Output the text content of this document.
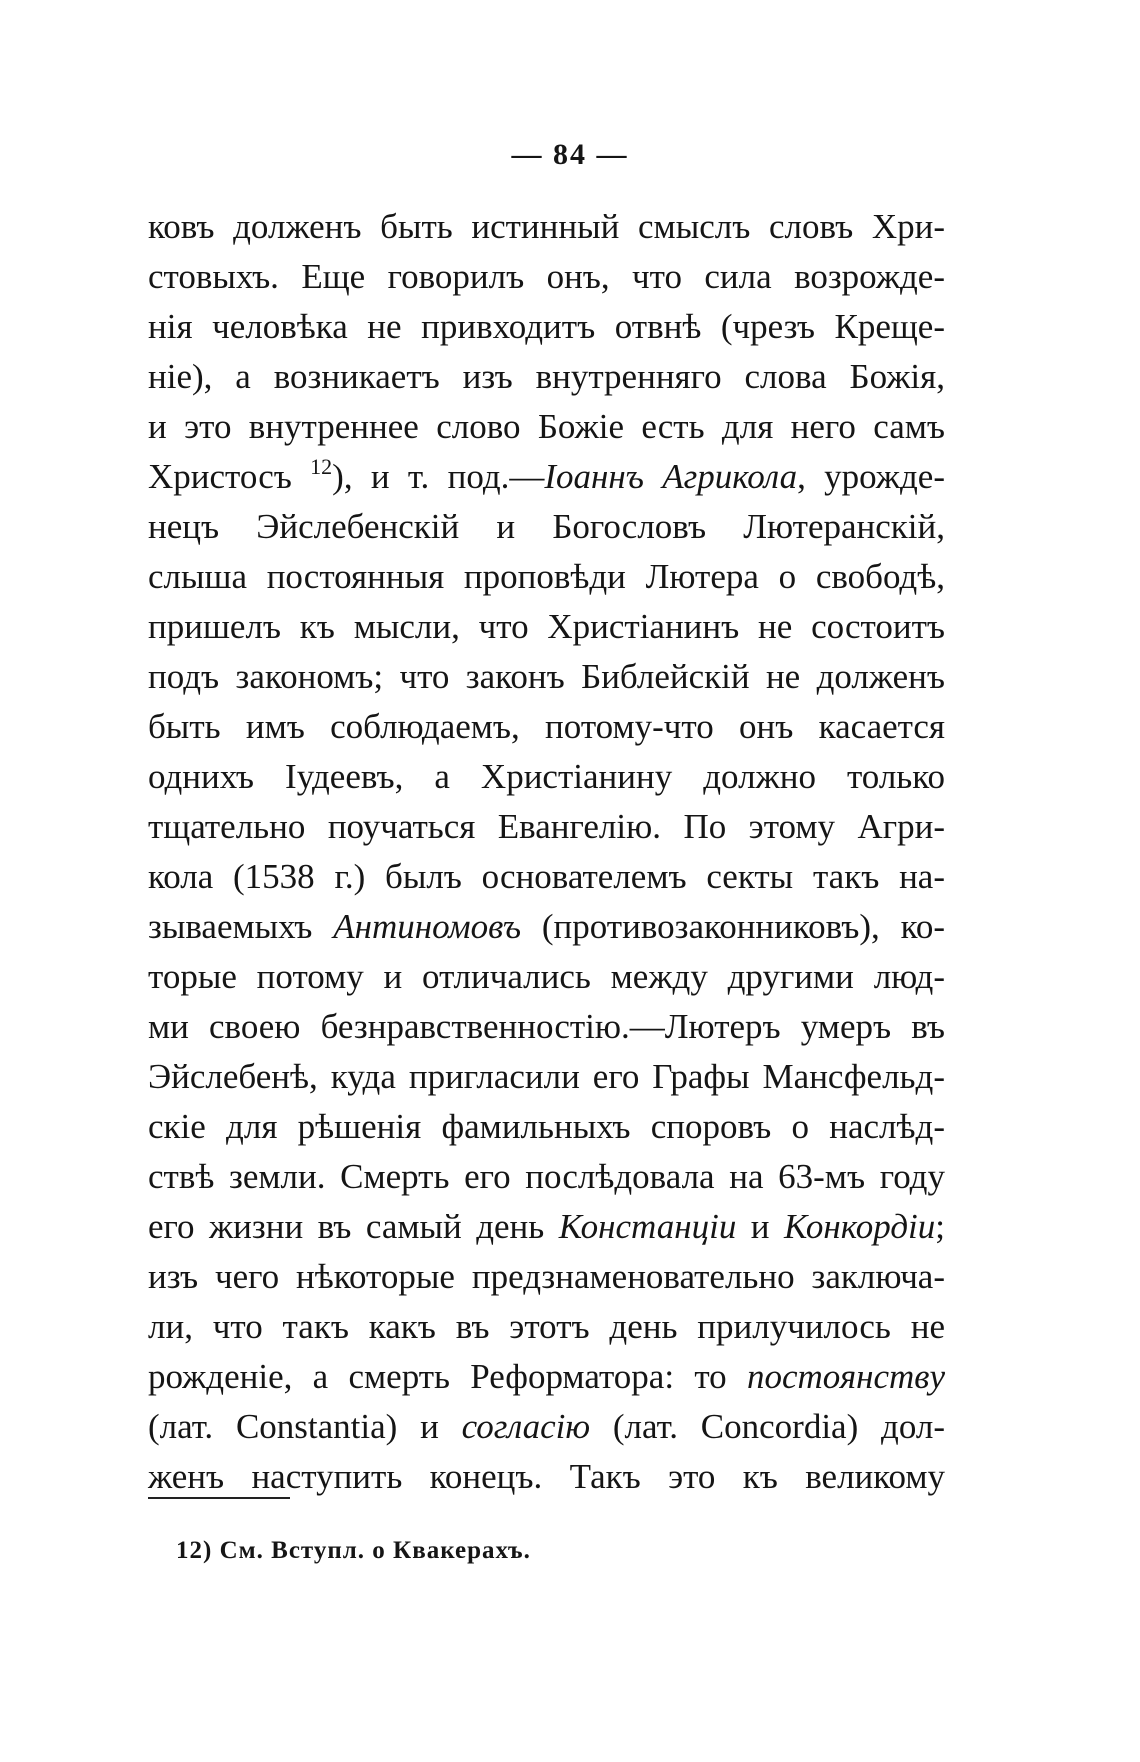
— 84 —
ковъ долженъ быть истинный смыслъ словъ Хри-
стовыхъ. Еще говорилъ онъ, что сила возрожде-
нія человѣка не привходитъ отвнѣ (чрезъ Креще-
ніе), а возникаетъ изъ внутренняго слова Божія,
и это внутреннее слово Божіе есть для него самъ
Христосъ $^{12}$), и т. под.—Іоаннъ Агрикола, урожде-
нецъ Эйслебенскій и Богословъ Лютеранскій,
слыша постоянныя проповѣди Лютера о свободѣ,
пришелъ къ мысли, что Христіанинъ не состоитъ
подъ закономъ; что законъ Библейскій не долженъ
быть имъ соблюдаемъ, потому-что онъ касается
однихъ Іудеевъ, а Христіанину должно только
тщательно поучаться Евангелію. По этому Агри-
кола (1538 г.) былъ основателемъ секты такъ на-
зываемыхъ Антиномовъ (противозаконниковъ), ко-
торые потому и отличались между другими люд-
ми своею безнравственностію.—Лютеръ умеръ въ
Эйслебенѣ, куда пригласили его Графы Мансфельд-
скіе для рѣшенія фамильныхъ споровъ о наслѣд-
ствѣ земли. Смерть его послѣдовала на 63-мъ году
его жизни въ самый день Констанціи и Конкордіи;
изъ чего нѣкоторые предзнаменовательно заключа-
ли, что такъ какъ въ этотъ день прилучилось не
рожденіе, а смерть Реформатора: то постоянству
(лат. Constantia) и согласію (лат. Concordia) дол-
женъ наступить конецъ. Такъ это къ великому
12) См. Вступл. о Квакерахъ.
